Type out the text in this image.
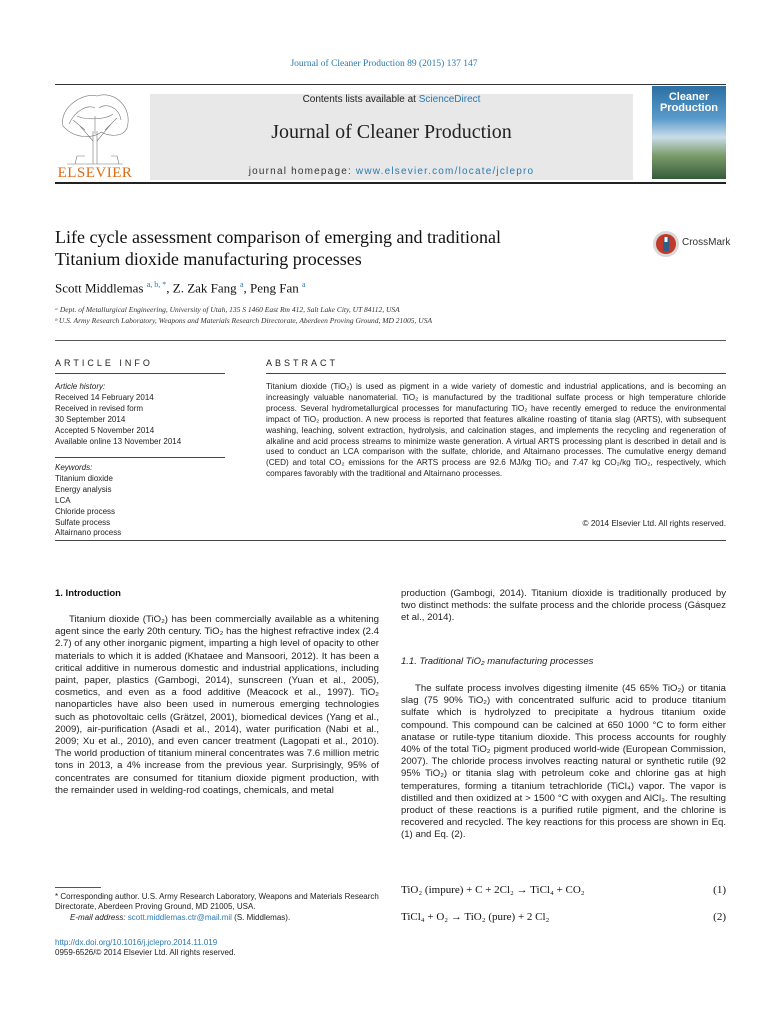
Journal of Cleaner Production 89 (2015) 137 147
ELSEVIER
Contents lists available at ScienceDirect
Journal of Cleaner Production
journal homepage: www.elsevier.com/locate/jclepro
Cleaner
Production
Life cycle assessment comparison of emerging and traditional
Titanium dioxide manufacturing processes
CrossMark
Scott Middlemas $^{a, b, *}$, Z. Zak Fang $^a$, Peng Fan $^a$
ᵃ Dept. of Metallurgical Engineering, University of Utah, 135 S 1460 East Rm 412, Salt Lake City, UT 84112, USA
ᵇ U.S. Army Research Laboratory, Weapons and Materials Research Directorate, Aberdeen Proving Ground, MD 21005, USA
ARTICLE INFO	ABSTRACT
Article history:
Received 14 February 2014
Received in revised form
30 September 2014
Accepted 5 November 2014
Available online 13 November 2014
Keywords:
Titanium dioxide
Energy analysis
LCA
Chloride process
Sulfate process
Altairnano process
Titanium dioxide (TiO₂) is used as pigment in a wide variety of domestic and industrial applications, and is becoming an increasingly valuable nanomaterial. TiO₂ is manufactured by the traditional sulfate process or high temperature chloride process. Several hydrometallurgical processes for manufacturing TiO₂ have recently emerged to reduce the environmental impact of TiO₂ production. A new process is reported that features alkaline roasting of titania slag (ARTS), with subsequent washing, leaching, solvent extraction, hydrolysis, and calcination stages, and implements the recycling and regeneration of alkaline and acid process streams to minimize waste generation. A virtual ARTS processing plant is described in detail and is used to conduct an LCA comparison with the sulfate, chloride, and Altairnano processes. The cumulative energy demand (CED) and total CO₂ emissions for the ARTS process are 92.6 MJ/kg TiO₂ and 7.47 kg CO₂/kg TiO₂, respectively, which compares favorably with the traditional and Altairnano processes.
© 2014 Elsevier Ltd. All rights reserved.
1. Introduction
Titanium dioxide (TiO₂) has been commercially available as a whitening agent since the early 20th century. TiO₂ has the highest refractive index (2.4 2.7) of any other inorganic pigment, imparting a high level of opacity to other materials to which it is added (Khataee and Mansoori, 2012). It has been a critical additive in numerous domestic and industrial applications, including paint, paper, plastics (Gambogi, 2014), sunscreen (Yuan et al., 2005), cosmetics, and even as a food additive (Meacock et al., 1997). TiO₂ nanoparticles have also been used in numerous emerging technologies such as photovoltaic cells (Grätzel, 2001), biomedical devices (Yang et al., 2009), air-purification (Asadi et al., 2014), water purification (Nabi et al., 2009; Xu et al., 2010), and even cancer treatment (Lagopati et al., 2010). The world production of titanium mineral concentrates was 7.6 million metric tons in 2013, a 4% increase from the previous year. Surprisingly, 95% of concentrates are consumed for titanium dioxide pigment production, with the remainder used in welding-rod coatings, chemicals, and metal
production (Gambogi, 2014). Titanium dioxide is traditionally produced by two distinct methods: the sulfate process and the chloride process (Gásquez et al., 2014).
1.1. Traditional TiO₂ manufacturing processes
The sulfate process involves digesting ilmenite (45 65% TiO₂) or titania slag (75 90% TiO₂) with concentrated sulfuric acid to produce titanium sulfate which is hydrolyzed to precipitate a hydrous titanium oxide compound. This compound can be calcined at 650 1000 °C to form either anatase or rutile-type titanium dioxide. This process accounts for roughly 40% of the total TiO₂ pigment produced world-wide (European Commission, 2007). The chloride process involves reacting natural or synthetic rutile (92 95% TiO₂) or titania slag with petroleum coke and chlorine gas at high temperatures, forming a titanium tetrachloride (TiCl₄) vapor. The vapor is distilled and then oxidized at > 1500 °C with oxygen and AlCl₃. The resulting product of these reactions is a purified rutile pigment, and the chlorine is recovered and recycled. The key reactions for this process are shown in Eq. (1) and Eq. (2).
TiO₂ (impure) + C + 2Cl₂ → TiCl₄ + CO₂	(1)
TiCl₄ + O₂ → TiO₂ (pure) + 2 Cl₂	(2)
* Corresponding author. U.S. Army Research Laboratory, Weapons and Materials Research Directorate, Aberdeen Proving Ground, MD 21005, USA.
E-mail address: scott.middlemas.ctr@mail.mil (S. Middlemas).
http://dx.doi.org/10.1016/j.jclepro.2014.11.019
0959-6526/© 2014 Elsevier Ltd. All rights reserved.
